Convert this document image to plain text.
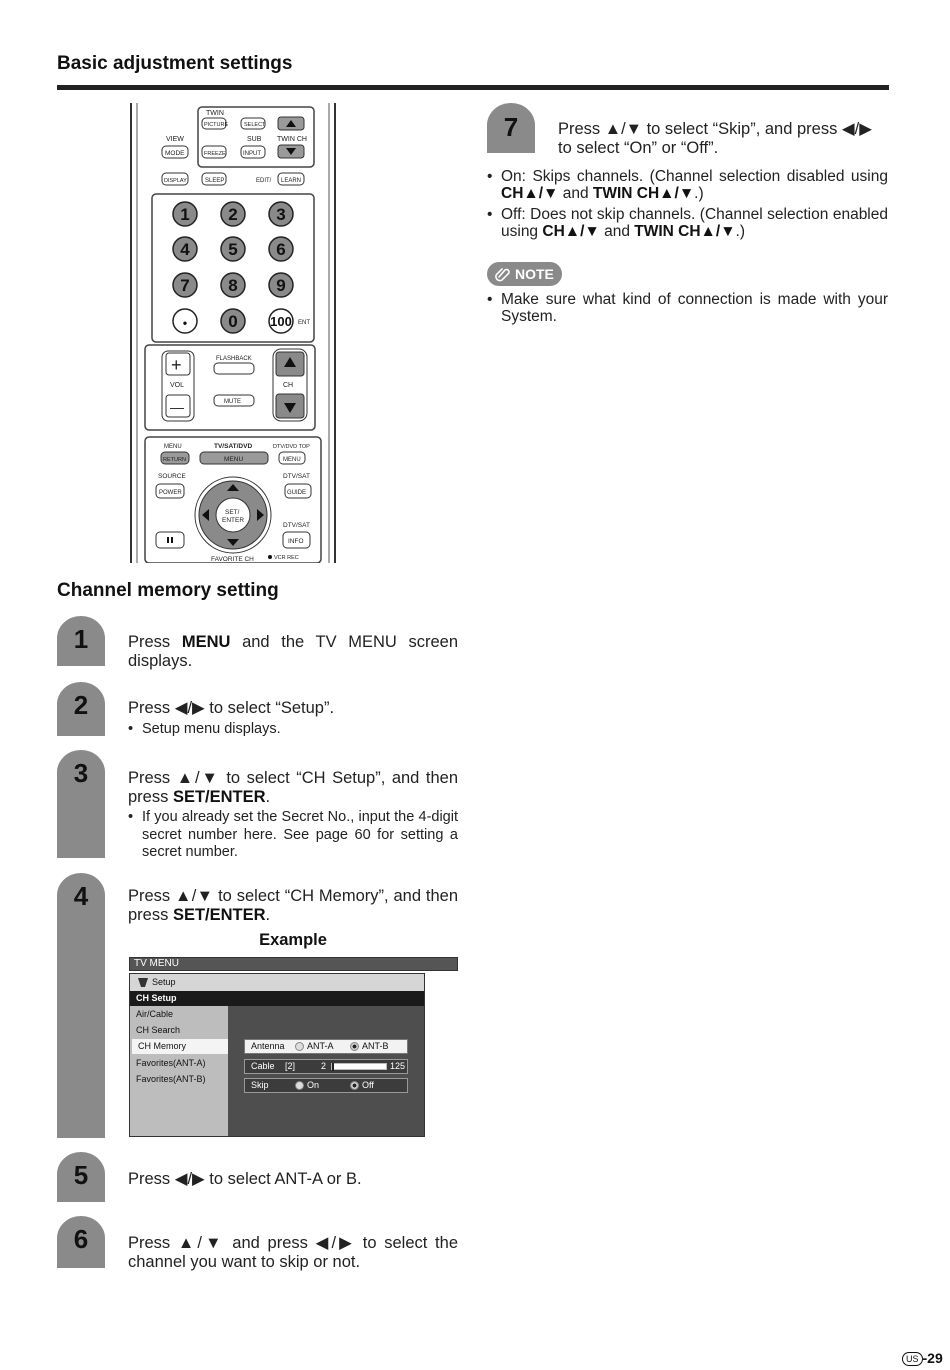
Basic adjustment settings
TWIN
PICTURE	SELECT
VIEW	SUB TWIN CH
MODE	FREEZE	INPUT
DISPLAY	SLEEP	EDIT/ LEARN
1 2 3
4 5 6
7 8 9
• 0 100 ENT
+
VOL
—
FLASHBACK
MUTE
CH
MENU	TV/SAT/DVD	DTV/DVD TOP
RETURN	MENU	MENU
SOURCE	DTV/SAT
POWER	GUIDE
SET/
ENTER
DTV/SAT
INFO
FAVORITE CH	VCR REC
Channel memory setting
1	Press MENU and the TV MENU screen displays.
2	Press ◀/▶ to select “Setup”.
• Setup menu displays.
3	Press ▲/▼ to select “CH Setup”, and then press SET/ENTER.
• If you already set the Secret No., input the 4-digit secret number here. See page 60 for setting a secret number.
4	Press ▲/▼ to select “CH Memory”, and then press SET/ENTER.
Example
TV MENU
Setup
CH Setup
Air/Cable
CH Search
CH Memory
Favorites(ANT-A)
Favorites(ANT-B)
Antenna ANT-A	ANT-B
Cable [2]	2	125
Skip	On	Off
5	Press ◀/▶ to select ANT-A or B.
6	Press ▲/▼ and press ◀/▶ to select the channel you want to skip or not.
7	Press ▲/▼ to select “Skip”, and press ◀/▶ to select “On” or “Off”.
• On: Skips channels. (Channel selection disabled using CH▲/▼ and TWIN CH▲/▼.)
• Off: Does not skip channels. (Channel selection enabled using CH▲/▼ and TWIN CH▲/▼.)
NOTE
• Make sure what kind of connection is made with your System.
US -29
